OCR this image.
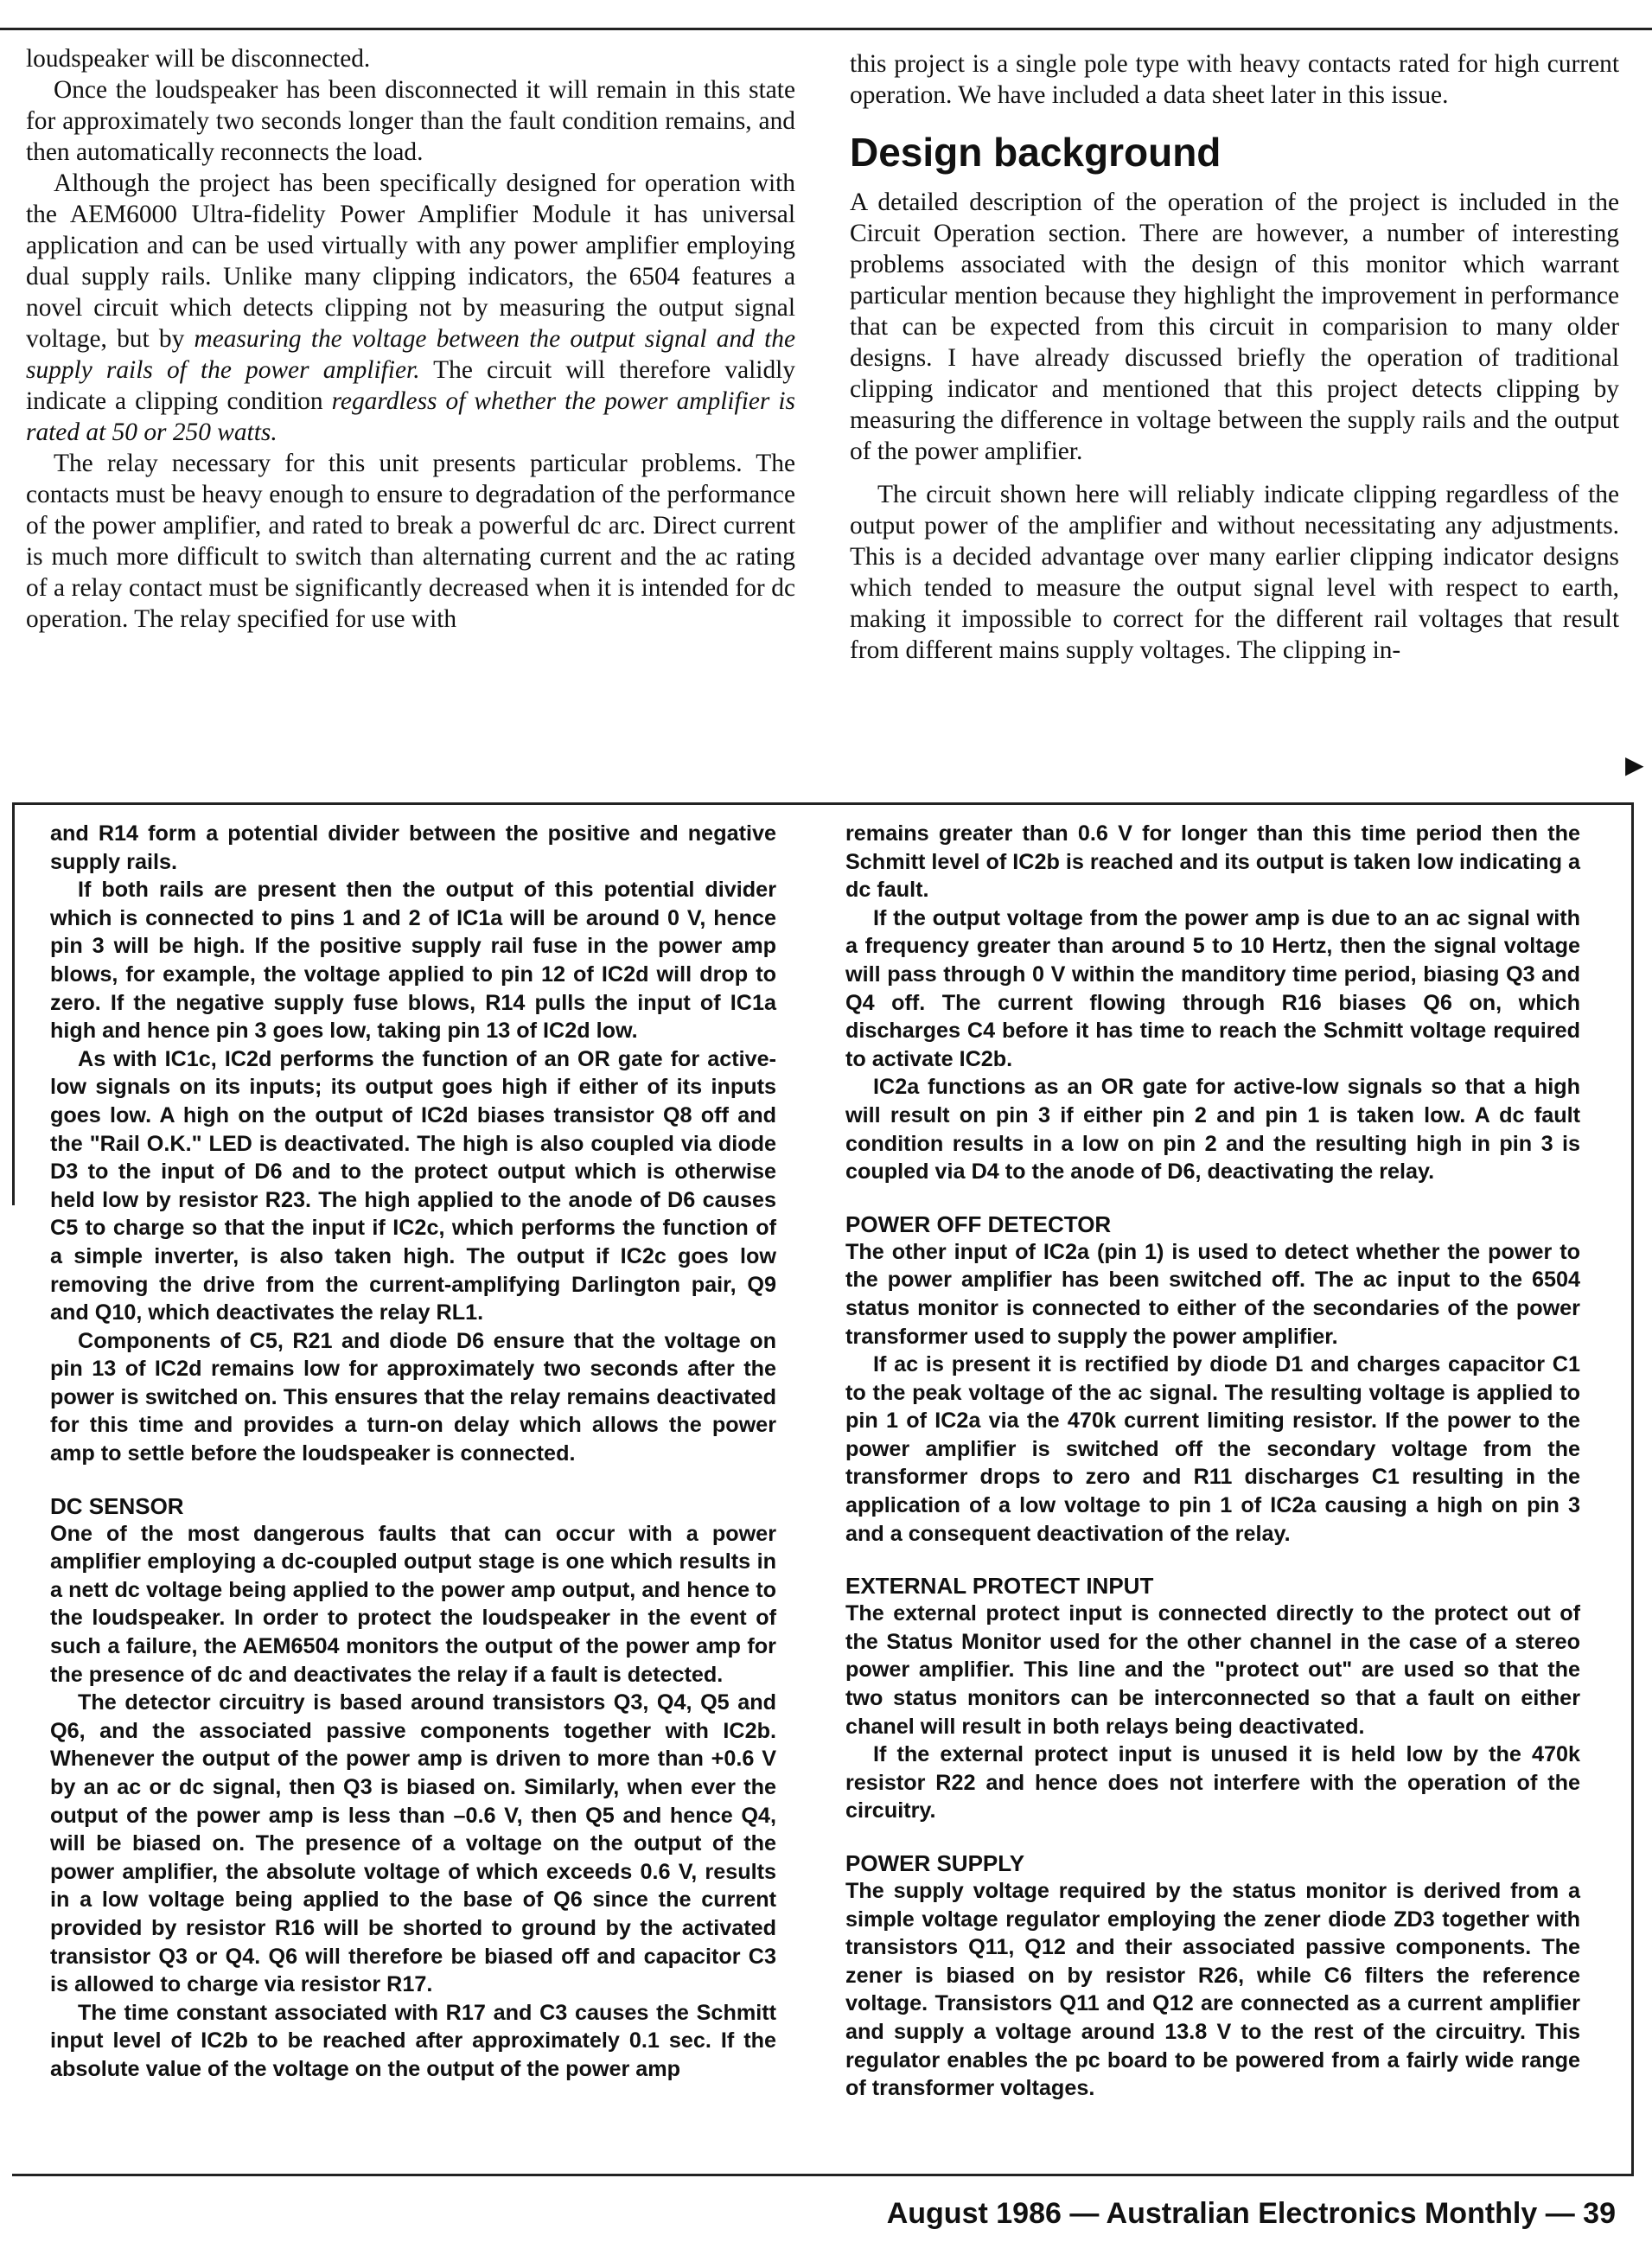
loudspeaker will be disconnected.

Once the loudspeaker has been disconnected it will remain in this state for approximately two seconds longer than the fault condition remains, and then automatically reconnects the load.

Although the project has been specifically designed for operation with the AEM6000 Ultra-fidelity Power Amplifier Module it has universal application and can be used virtually with any power amplifier employing dual supply rails. Unlike many clipping indicators, the 6504 features a novel circuit which detects clipping not by measuring the output signal voltage, but by measuring the voltage between the output signal and the supply rails of the power amplifier. The circuit will therefore validly indicate a clipping condition regardless of whether the power amplifier is rated at 50 or 250 watts.

The relay necessary for this unit presents particular problems. The contacts must be heavy enough to ensure to degradation of the performance of the power amplifier, and rated to break a powerful dc arc. Direct current is much more difficult to switch than alternating current and the ac rating of a relay contact must be significantly decreased when it is intended for dc operation. The relay specified for use with

this project is a single pole type with heavy contacts rated for high current operation. We have included a data sheet later in this issue.

Design background

A detailed description of the operation of the project is included in the Circuit Operation section. There are however, a number of interesting problems associated with the design of this monitor which warrant particular mention because they highlight the improvement in performance that can be expected from this circuit in comparision to many older designs. I have already discussed briefly the operation of traditional clipping indicator and mentioned that this project detects clipping by measuring the difference in voltage between the supply rails and the output of the power amplifier.

The circuit shown here will reliably indicate clipping regardless of the output power of the amplifier and without necessitating any adjustments. This is a decided advantage over many earlier clipping indicator designs which tended to measure the output signal level with respect to earth, making it impossible to correct for the different rail voltages that result from different mains supply voltages. The clipping in-

▶

and R14 form a potential divider between the positive and negative supply rails.

If both rails are present then the output of this potential divider which is connected to pins 1 and 2 of IC1a will be around 0 V, hence pin 3 will be high. If the positive supply rail fuse in the power amp blows, for example, the voltage applied to pin 12 of IC2d will drop to zero. If the negative supply fuse blows, R14 pulls the input of IC1a high and hence pin 3 goes low, taking pin 13 of IC2d low.

As with IC1c, IC2d performs the function of an OR gate for active-low signals on its inputs; its output goes high if either of its inputs goes low. A high on the output of IC2d biases transistor Q8 off and the "Rail O.K." LED is deactivated. The high is also coupled via diode D3 to the input of D6 and to the protect output which is otherwise held low by resistor R23. The high applied to the anode of D6 causes C5 to charge so that the input if IC2c, which performs the function of a simple inverter, is also taken high. The output if IC2c goes low removing the drive from the current-amplifying Darlington pair, Q9 and Q10, which deactivates the relay RL1.

Components of C5, R21 and diode D6 ensure that the voltage on pin 13 of IC2d remains low for approximately two seconds after the power is switched on. This ensures that the relay remains deactivated for this time and provides a turn-on delay which allows the power amp to settle before the loudspeaker is connected.

DC SENSOR

One of the most dangerous faults that can occur with a power amplifier employing a dc-coupled output stage is one which results in a nett dc voltage being applied to the power amp output, and hence to the loudspeaker. In order to protect the loudspeaker in the event of such a failure, the AEM6504 monitors the output of the power amp for the presence of dc and deactivates the relay if a fault is detected.

The detector circuitry is based around transistors Q3, Q4, Q5 and Q6, and the associated passive components together with IC2b. Whenever the output of the power amp is driven to more than +0.6 V by an ac or dc signal, then Q3 is biased on. Similarly, when ever the output of the power amp is less than –0.6 V, then Q5 and hence Q4, will be biased on. The presence of a voltage on the output of the power amplifier, the absolute voltage of which exceeds 0.6 V, results in a low voltage being applied to the base of Q6 since the current provided by resistor R16 will be shorted to ground by the activated transistor Q3 or Q4. Q6 will therefore be biased off and capacitor C3 is allowed to charge via resistor R17.

The time constant associated with R17 and C3 causes the Schmitt input level of IC2b to be reached after approximately 0.1 sec. If the absolute value of the voltage on the output of the power amp

remains greater than 0.6 V for longer than this time period then the Schmitt level of IC2b is reached and its output is taken low indicating a dc fault.

If the output voltage from the power amp is due to an ac signal with a frequency greater than around 5 to 10 Hertz, then the signal voltage will pass through 0 V within the manditory time period, biasing Q3 and Q4 off. The current flowing through R16 biases Q6 on, which discharges C4 before it has time to reach the Schmitt voltage required to activate IC2b.

IC2a functions as an OR gate for active-low signals so that a high will result on pin 3 if either pin 2 and pin 1 is taken low. A dc fault condition results in a low on pin 2 and the resulting high in pin 3 is coupled via D4 to the anode of D6, deactivating the relay.

POWER OFF DETECTOR

The other input of IC2a (pin 1) is used to detect whether the power to the power amplifier has been switched off. The ac input to the 6504 status monitor is connected to either of the secondaries of the power transformer used to supply the power amplifier.

If ac is present it is rectified by diode D1 and charges capacitor C1 to the peak voltage of the ac signal. The resulting voltage is applied to pin 1 of IC2a via the 470k current limiting resistor. If the power to the power amplifier is switched off the secondary voltage from the transformer drops to zero and R11 discharges C1 resulting in the application of a low voltage to pin 1 of IC2a causing a high on pin 3 and a consequent deactivation of the relay.

EXTERNAL PROTECT INPUT

The external protect input is connected directly to the protect out of the Status Monitor used for the other channel in the case of a stereo power amplifier. This line and the "protect out" are used so that the two status monitors can be interconnected so that a fault on either chanel will result in both relays being deactivated.

If the external protect input is unused it is held low by the 470k resistor R22 and hence does not interfere with the operation of the circuitry.

POWER SUPPLY

The supply voltage required by the status monitor is derived from a simple voltage regulator employing the zener diode ZD3 together with transistors Q11, Q12 and their associated passive components. The zener is biased on by resistor R26, while C6 filters the reference voltage. Transistors Q11 and Q12 are connected as a current amplifier and supply a voltage around 13.8 V to the rest of the circuitry. This regulator enables the pc board to be powered from a fairly wide range of transformer voltages.

August 1986 — Australian Electronics Monthly — 39
